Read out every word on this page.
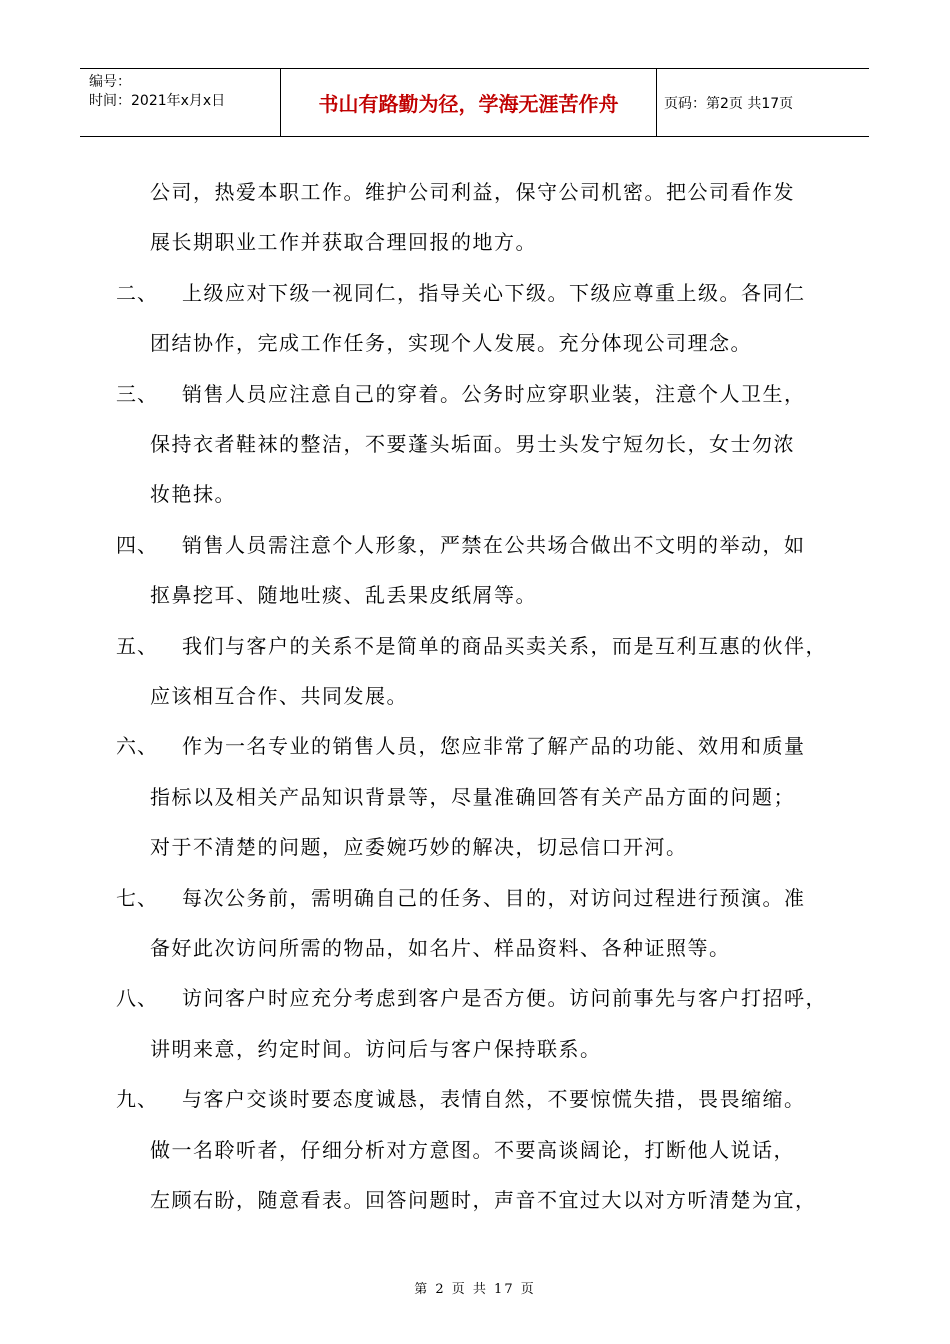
编号：
时间：2021年x月x日	书山有路勤为径，学海无涯苦作舟	页码：第2页 共17页
公司，热爱本职工作。维护公司利益，保守公司机密。把公司看作发
展长期职业工作并获取合理回报的地方。
二、 上级应对下级一视同仁，指导关心下级。下级应尊重上级。各同仁
团结协作，完成工作任务，实现个人发展。充分体现公司理念。
三、 销售人员应注意自己的穿着。公务时应穿职业装，注意个人卫生，
保持衣者鞋袜的整洁，不要蓬头垢面。男士头发宁短勿长，女士勿浓
妆艳抹。
四、 销售人员需注意个人形象，严禁在公共场合做出不文明的举动，如
抠鼻挖耳、随地吐痰、乱丢果皮纸屑等。
五、 我们与客户的关系不是简单的商品买卖关系，而是互利互惠的伙伴，
应该相互合作、共同发展。
六、 作为一名专业的销售人员，您应非常了解产品的功能、效用和质量
指标以及相关产品知识背景等，尽量准确回答有关产品方面的问题；
对于不清楚的问题，应委婉巧妙的解决，切忌信口开河。
七、 每次公务前，需明确自己的任务、目的，对访问过程进行预演。准
备好此次访问所需的物品，如名片、样品资料、各种证照等。
八、 访问客户时应充分考虑到客户是否方便。访问前事先与客户打招呼，
讲明来意，约定时间。访问后与客户保持联系。
九、 与客户交谈时要态度诚恳，表情自然，不要惊慌失措，畏畏缩缩。
做一名聆听者，仔细分析对方意图。不要高谈阔论，打断他人说话，
左顾右盼，随意看表。回答问题时，声音不宜过大以对方听清楚为宜，
第 2 页 共 17 页
